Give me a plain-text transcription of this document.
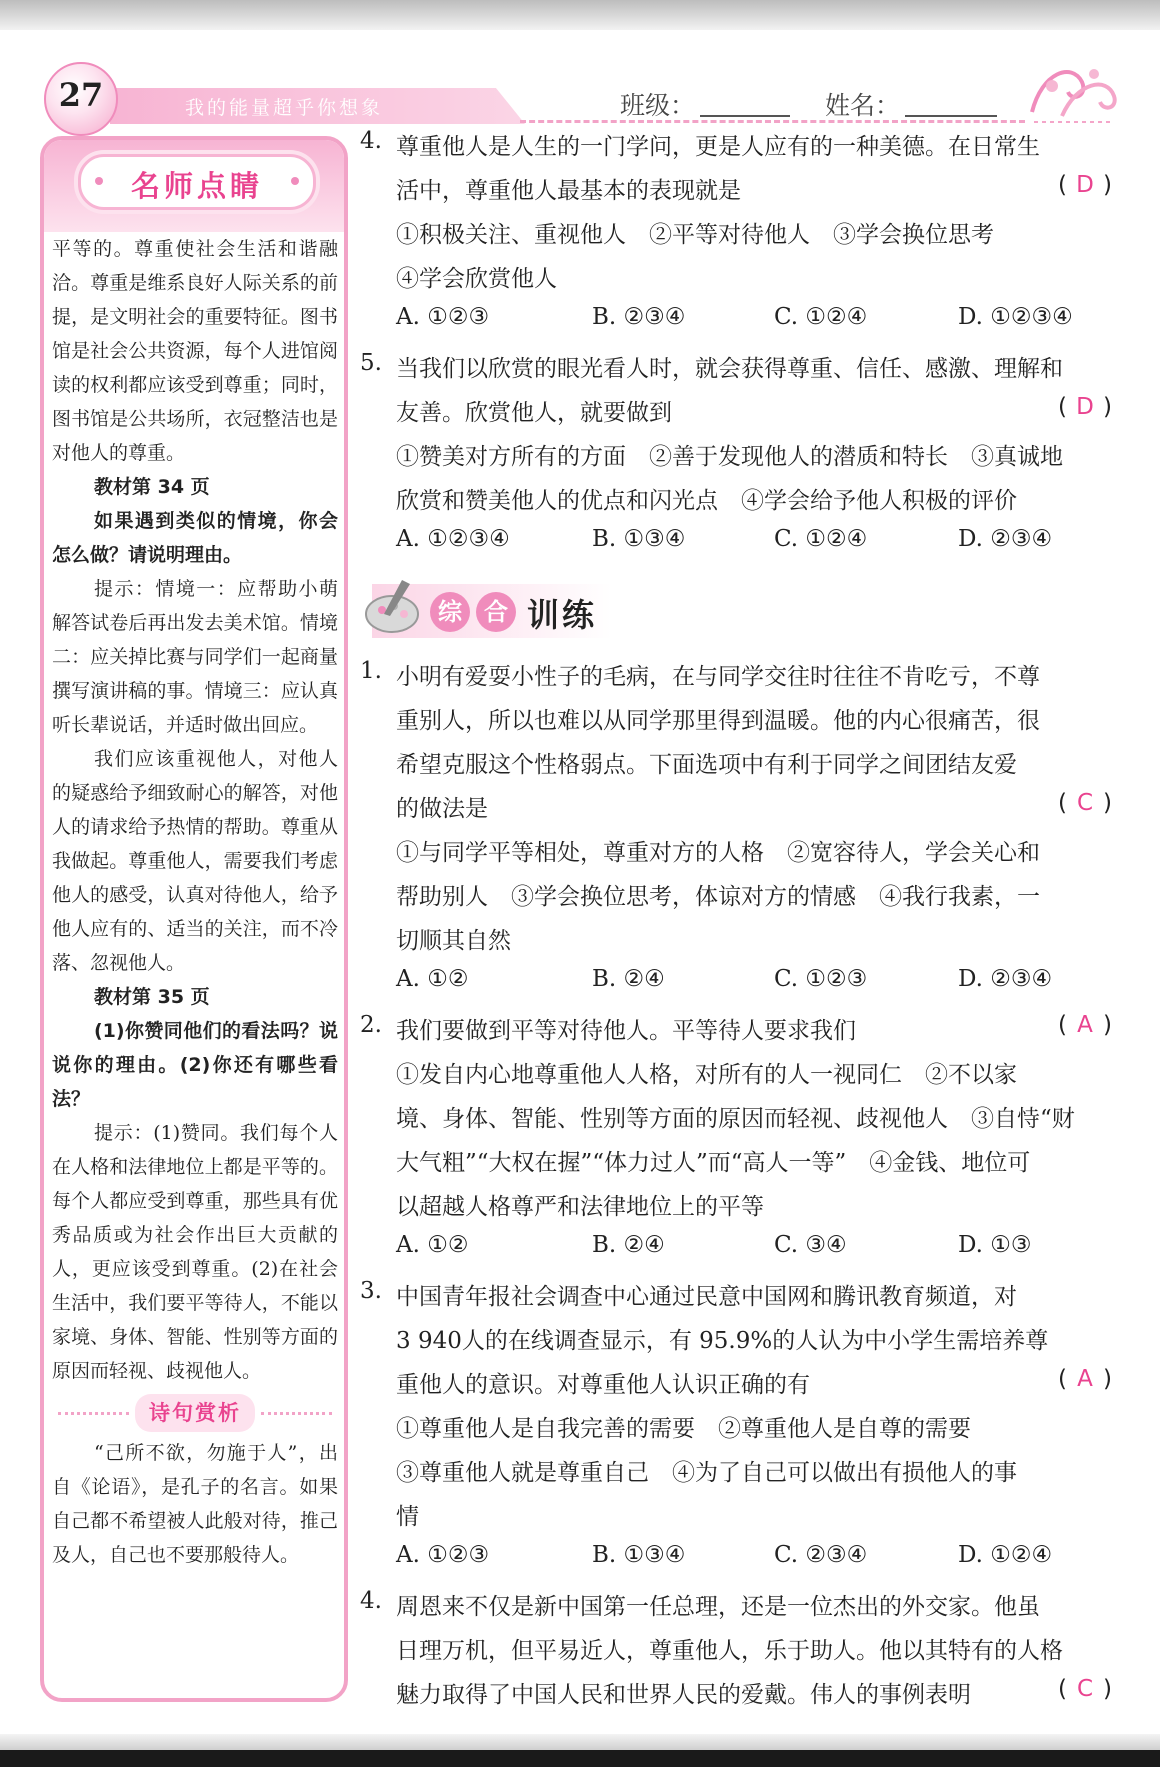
我的能量超乎你想象
27	班级：	姓名：
名师点睛

平等的。尊重使社会生活和谐融洽。尊重是维系良好人际关系的前提，是文明社会的重要特征。图书馆是社会公共资源，每个人进馆阅读的权利都应该受到尊重；同时，图书馆是公共场所，衣冠整洁也是对他人的尊重。

教材第 34 页

如果遇到类似的情境，你会怎么做？请说明理由。

提示：情境一：应帮助小萌解答试卷后再出发去美术馆。情境二：应关掉比赛与同学们一起商量撰写演讲稿的事。情境三：应认真听长辈说话，并适时做出回应。

我们应该重视他人，对他人的疑惑给予细致耐心的解答，对他人的请求给予热情的帮助。尊重从我做起。尊重他人，需要我们考虑他人的感受，认真对待他人，给予他人应有的、适当的关注，而不冷落、忽视他人。

教材第 35 页

(1)你赞同他们的看法吗？说说你的理由。(2)你还有哪些看法？

提示：(1)赞同。我们每个人在人格和法律地位上都是平等的。每个人都应受到尊重，那些具有优秀品质或为社会作出巨大贡献的人，更应该受到尊重。(2)在社会生活中，我们要平等待人，不能以家境、身体、智能、性别等方面的原因而轻视、歧视他人。

诗句赏析

“己所不欲，勿施于人”，出自《论语》，是孔子的名言。如果自己都不希望被人此般对待，推己及人，自己也不要那般待人。

综 合 训练
4. 尊重他人是人生的一门学问，更是人应有的一种美德。在日常生
活中，尊重他人最基本的表现就是	( D )
①积极关注、重视他人　②平等对待他人　③学会换位思考
④学会欣赏他人
A. ①②③	B. ②③④	C. ①②④	D. ①②③④
5. 当我们以欣赏的眼光看人时，就会获得尊重、信任、感激、理解和
友善。欣赏他人，就要做到	( D )
①赞美对方所有的方面　②善于发现他人的潜质和特长　③真诚地
欣赏和赞美他人的优点和闪光点　④学会给予他人积极的评价
A. ①②③④	B. ①③④	C. ①②④	D. ②③④
1. 小明有爱耍小性子的毛病，在与同学交往时往往不肯吃亏，不尊
重别人，所以也难以从同学那里得到温暖。他的内心很痛苦，很
希望克服这个性格弱点。下面选项中有利于同学之间团结友爱
的做法是	( C )
①与同学平等相处，尊重对方的人格　②宽容待人，学会关心和
帮助别人　③学会换位思考，体谅对方的情感　④我行我素，一
切顺其自然
A. ①②	B. ②④	C. ①②③	D. ②③④
2. 我们要做到平等对待他人。平等待人要求我们	( A )
①发自内心地尊重他人人格，对所有的人一视同仁　②不以家
境、身体、智能、性别等方面的原因而轻视、歧视他人　③自恃“财
大气粗”“大权在握”“体力过人”而“高人一等”　④金钱、地位可
以超越人格尊严和法律地位上的平等
A. ①②	B. ②④	C. ③④	D. ①③
3. 中国青年报社会调查中心通过民意中国网和腾讯教育频道，对
3 940人的在线调查显示，有 95.9%的人认为中小学生需培养尊
重他人的意识。对尊重他人认识正确的有	( A )
①尊重他人是自我完善的需要　②尊重他人是自尊的需要
③尊重他人就是尊重自己　④为了自己可以做出有损他人的事
情
A. ①②③	B. ①③④	C. ②③④	D. ①②④
4. 周恩来不仅是新中国第一任总理，还是一位杰出的外交家。他虽
日理万机，但平易近人，尊重他人，乐于助人。他以其特有的人格
魅力取得了中国人民和世界人民的爱戴。伟人的事例表明	( C )
